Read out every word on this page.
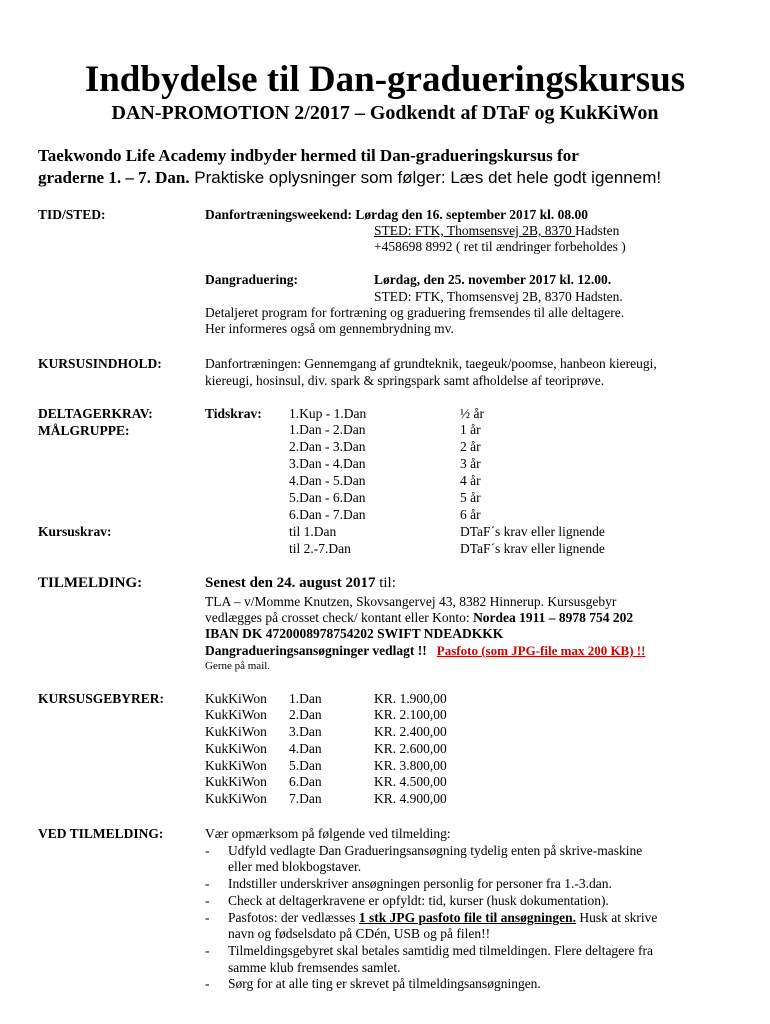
Indbydelse til Dan-gradueringskursus
DAN-PROMOTION 2/2017 – Godkendt af DTaF og KukKiWon
Taekwondo Life Academy indbyder hermed til Dan-gradueringskursus for
graderne 1. – 7. Dan. Praktiske oplysninger som følger: Læs det hele godt igennem!
TID/STED:	Danfortræningsweekend: Lørdag den 16. september 2017 kl. 08.00
STED: FTK, Thomsensvej 2B, 8370 Hadsten
+458698 8992 ( ret til ændringer forbeholdes )
Dangraduering:	Lørdag, den 25. november 2017 kl. 12.00.
STED: FTK, Thomsensvej 2B, 8370 Hadsten.
Detaljeret program for fortræning og graduering fremsendes til alle deltagere.
Her informeres også om gennembrydning mv.
KURSUSINDHOLD:	Danfortræningen: Gennemgang af grundteknik, taegeuk/poomse, hanbeon kiereugi,
kiereugi, hosinsul, div. spark & springspark samt afholdelse af teoriprøve.
DELTAGERKRAV:
MÅLGRUPPE:
Tidskrav: 1.Kup - 1.Dan	½ år
1.Dan - 2.Dan	1 år
2.Dan - 3.Dan	2 år
3.Dan - 4.Dan	3 år
4.Dan - 5.Dan	4 år
5.Dan - 6.Dan	5 år
6.Dan - 7.Dan	6 år
Kursuskrav:	til 1.Dan	DTaF´s krav eller lignende
til 2.-7.Dan	DTaF´s krav eller lignende
TILMELDING:	Senest den 24. august 2017 til:
TLA – v/Momme Knutzen, Skovsangervej 43, 8382 Hinnerup. Kursusgebyr
vedlægges på crosset check/ kontant eller Konto: Nordea 1911 – 8978 754 202
IBAN DK 4720008978754202 SWIFT NDEADKKK
Dangradueringsansøgninger vedlagt !! Pasfoto (som JPG-file max 200 KB) !!
Gerne på mail.
KURSUSGEBYRER:	KukKiWon 1.Dan	KR. 1.900,00
KukKiWon 2.Dan	KR. 2.100,00
KukKiWon 3.Dan	KR. 2.400,00
KukKiWon 4.Dan	KR. 2.600,00
KukKiWon 5.Dan	KR. 3.800,00
KukKiWon 6.Dan	KR. 4.500,00
KukKiWon 7.Dan	KR. 4.900,00
VED TILMELDING:	Vær opmærksom på følgende ved tilmelding:
- Udfyld vedlagte Dan Gradueringsansøgning tydelig enten på skrive-maskine
eller med blokbogstaver.
- Indstiller underskriver ansøgningen personlig for personer fra 1.-3.dan.
- Check at deltagerkravene er opfyldt: tid, kurser (husk dokumentation).
- Pasfotos: der vedlæsses 1 stk JPG pasfoto file til ansøgningen. Husk at skrive
navn og fødselsdato på CDén, USB og på filen!!
- Tilmeldingsgebyret skal betales samtidig med tilmeldingen. Flere deltagere fra
samme klub fremsendes samlet.
- Sørg for at alle ting er skrevet på tilmeldingsansøgningen.
